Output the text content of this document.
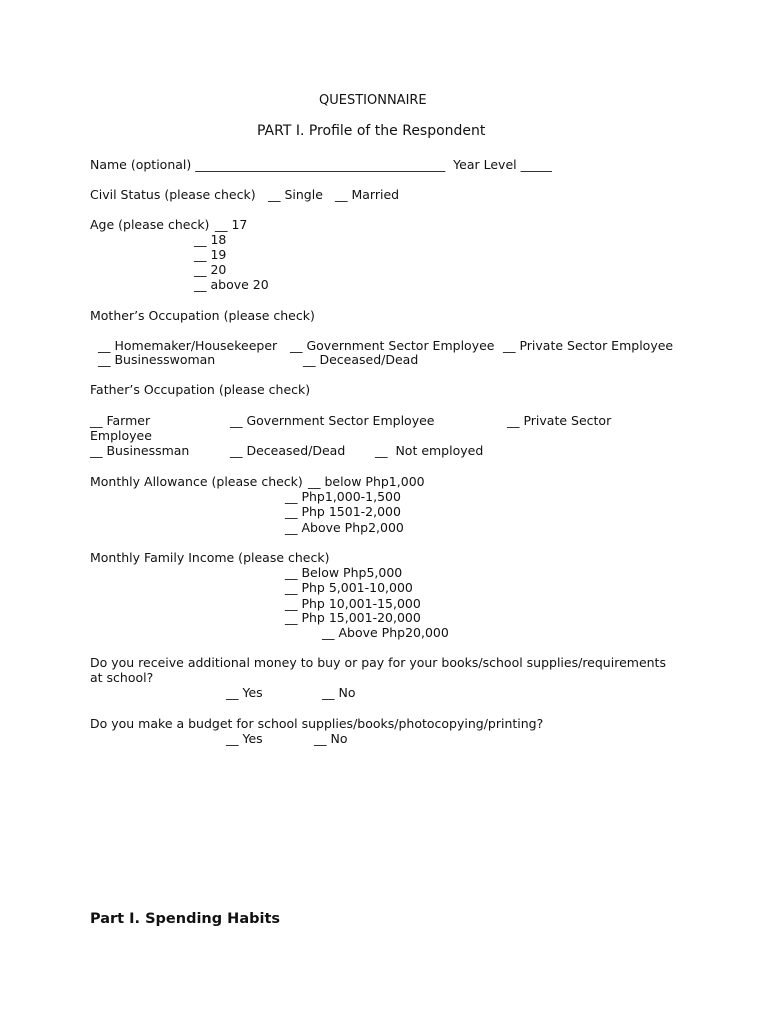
QUESTIONNAIRE
PART I. Profile of the Respondent
Name (optional) ________________________________________  Year Level _____
Civil Status (please check) __ Single __ Married
Age (please check) __ 17
__ 18
__ 19
__ 20
__ above 20
Mother’s Occupation (please check)
__ Homemaker/Housekeeper __ Government Sector Employee __ Private Sector Employee
__ Businesswoman	__ Deceased/Dead
Father’s Occupation (please check)
__ Farmer	__ Government Sector Employee	__ Private Sector
Employee
__ Businessman	__ Deceased/Dead __  Not employed
Monthly Allowance (please check) __ below Php1,000
__ Php1,000-1,500
__ Php 1501-2,000
__ Above Php2,000
Monthly Family Income (please check)
__ Below Php5,000
__ Php 5,001-10,000
__ Php 10,001-15,000
__ Php 15,001-20,000
__ Above Php20,000
Do you receive additional money to buy or pay for your books/school supplies/requirements
at school?
__ Yes	__ No
Do you make a budget for school supplies/books/photocopying/printing?
__ Yes	__ No
Part I. Spending Habits
